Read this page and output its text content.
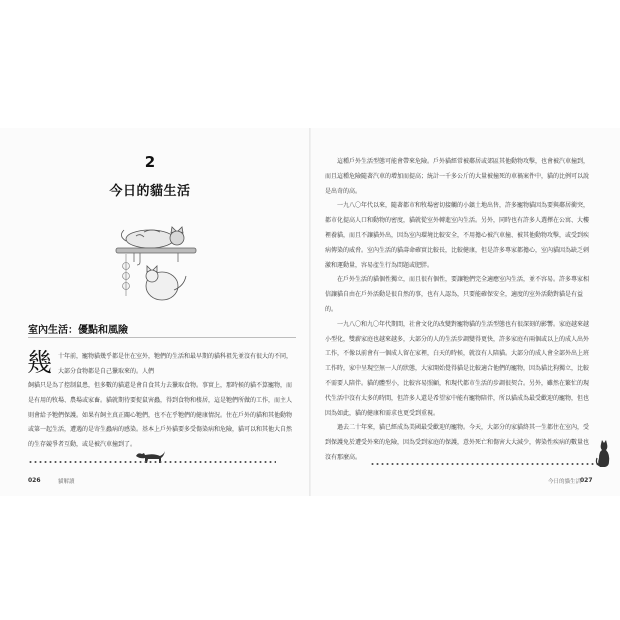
2
今日的貓生活
室內生活：優點和風險
幾 十年前，寵物貓幾乎都是住在室外，牠們的生活和最早期的貓科祖先並沒有很大的不同，大部分食物都是自己獵取來的。人們

飼貓只是為了控制鼠患，但多數的貓還是會自食其力去獵取食物。事實上，那時候的貓不算寵物，而是有用的牧場、農場或家畜。貓就期待要捉鼠害蟲，得到食物和棲居，這是牠們所做的工作，而主人則會給予牠們保護。如果有飼主真正關心牠們，也不在乎牠們的健康情況。住在戶外的貓和其他動物或第一起生活，遭遇的是寄生蟲病的感染。基本上戶外貓要多受傷染病和危險，貓可以和其他大自然的生存競爭者互動，或是被汽車撞到了。

026	貓解讀

這種戶外生活型態可能會帶來危險。戶外貓經常被鄰居或郊區其他動物攻擊，也會被汽車撞到，而且這種危險隨著汽車的增加而提高；統計一千多公斤的大量被撞死的車禍案件中，貓的比例可以說是出奇的高。

一九八〇年代以來，隨著都市和牧場密切接觸的小鎮土地出售，許多寵物貓因為要與鄰居衝突，都市化提高人口和動物的密度，貓就從室外轉進室內生活。另外，同時也有許多人選擇在公寓、大樓裡養貓，而且不讓貓外出，因為室內環境比較安全，不用擔心被汽車撞、被其他動物攻擊，或受到疾病傳染的威脅。室內生活的貓壽命確實比較長，比較健康，但是許多專家都擔心，室內貓因為缺乏刺激和運動量，容易產生行為問題或肥胖。

在戶外生活的貓個性獨立，而且很有個性，要讓牠們完全適應室內生活，並不容易。許多專家相信讓貓自由在戶外活動是很自然的事，也有人認為，只要能確保安全，適度的室外活動對貓是有益的。

一九八〇和九〇年代期間，社會文化的改變對寵物貓的生活型態也有很深刻的影響。家庭越來越小型化，雙薪家庭也越來越多，大部分的人的生活步調變得更快，許多家庭有兩個或以上的成人出外工作，不像以前會有一個成人留在家裡，白天的時候，就沒有人陪貓。大部分的成人會全部外出上班工作時，家中呈現空無一人的狀態，大家開始覺得貓是比較適合他們的寵物，因為貓比狗獨立，比較不需要人陪伴。貓的體型小，比較容易照顧，和現代都市生活的步調很契合。另外，雖然在繁忙的現代生活中沒有太多的時間，但許多人還是希望家中能有寵物陪伴，所以貓成為最受歡迎的寵物，但也因為如此，貓的健康和需求也更受到重視。

過去二十年來，貓已經成為美國最受歡迎的寵物。今天，大部分的家貓終其一生都住在室內，受到保護免於遭受外來的危險，因為受到家庭的保護，意外死亡和傷害大大減少，傳染性疾病的數量也沒有那麼高。

今日的貓生活
027
